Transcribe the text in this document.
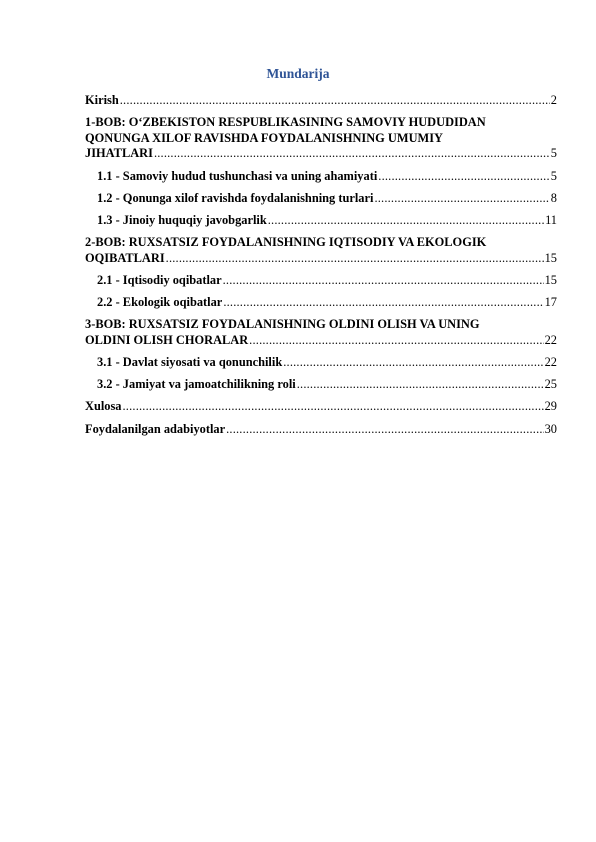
Mundarija
Kirish .....	2
1-BOB: O‘ZBEKISTON RESPUBLIKASINING SAMOVIY HUDUDIDAN
QONUNGA XILOF RAVISHDA FOYDALANISHNING UMUMIY
JIHATLARI .....	5
1.1 - Samoviy hudud tushunchasi va uning ahamiyati .....	5
1.2 - Qonunga xilof ravishda foydalanishning turlari .....	8
1.3 - Jinoiy huquqiy javobgarlik .....	11
2-BOB: RUXSATSIZ FOYDALANISHNING IQTISODIY VA EKOLOGIK
OQIBATLARI .....	15
2.1 - Iqtisodiy oqibatlar .....	15
2.2 - Ekologik oqibatlar .....	17
3-BOB: RUXSATSIZ FOYDALANISHNING OLDINI OLISH VA UNING
OLDINI OLISH CHORALAR .....	22
3.1 - Davlat siyosati va qonunchilik .....	22
3.2 - Jamiyat va jamoatchilikning roli .....	25
Xulosa .....	29
Foydalanilgan adabiyotlar .....	30
